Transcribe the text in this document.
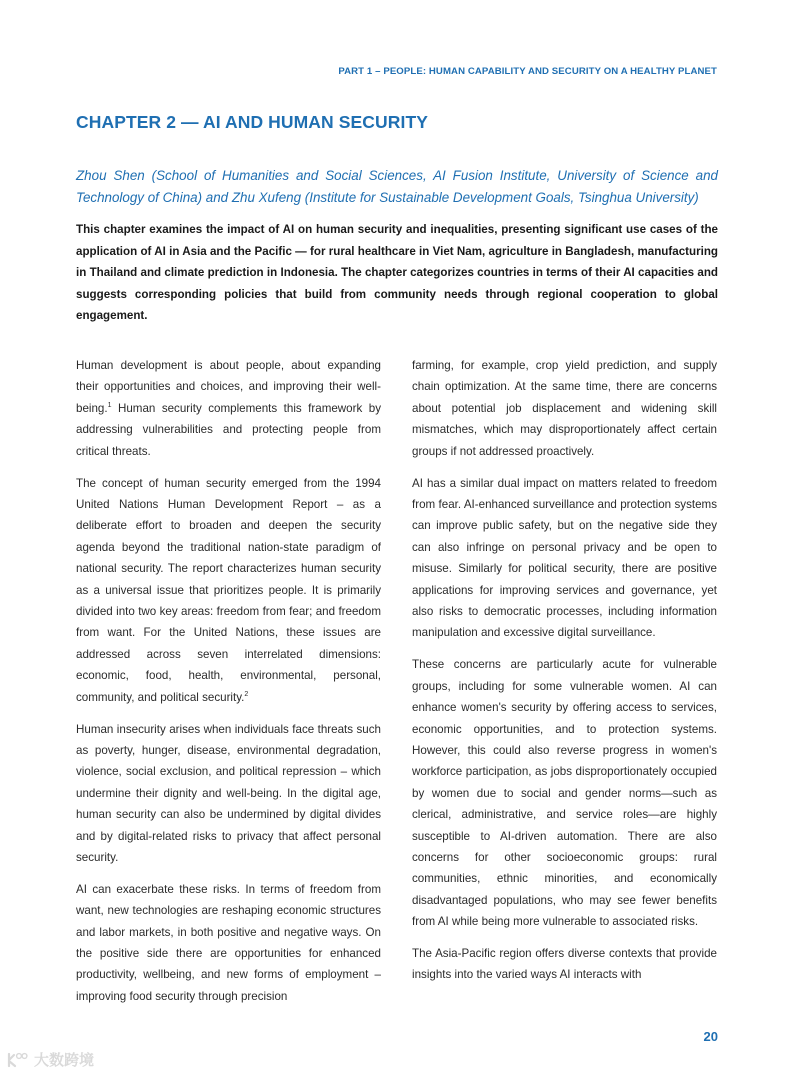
PART 1 – PEOPLE: HUMAN CAPABILITY AND SECURITY ON A HEALTHY PLANET
CHAPTER 2 — AI AND HUMAN SECURITY
Zhou Shen (School of Humanities and Social Sciences, AI Fusion Institute, University of Science and Technology of China) and Zhu Xufeng (Institute for Sustainable Development Goals, Tsinghua University)
This chapter examines the impact of AI on human security and inequalities, presenting significant use cases of the application of AI in Asia and the Pacific — for rural healthcare in Viet Nam, agriculture in Bangladesh, manufacturing in Thailand and climate prediction in Indonesia. The chapter categorizes countries in terms of their AI capacities and suggests corresponding policies that build from community needs through regional cooperation to global engagement.

Human development is about people, about expanding their opportunities and choices, and improving their well-being.$^1$ Human security complements this framework by addressing vulnerabilities and protecting people from critical threats.

The concept of human security emerged from the 1994 United Nations Human Development Report – as a deliberate effort to broaden and deepen the security agenda beyond the traditional nation-state paradigm of national security. The report characterizes human security as a universal issue that prioritizes people. It is primarily divided into two key areas: freedom from fear; and freedom from want. For the United Nations, these issues are addressed across seven interrelated dimensions: economic, food, health, environmental, personal, community, and political security.$^2$

Human insecurity arises when individuals face threats such as poverty, hunger, disease, environmental degradation, violence, social exclusion, and political repression – which undermine their dignity and well-being. In the digital age, human security can also be undermined by digital divides and by digital-related risks to privacy that affect personal security.

AI can exacerbate these risks. In terms of freedom from want, new technologies are reshaping economic structures and labor markets, in both positive and negative ways. On the positive side there are opportunities for enhanced productivity, wellbeing, and new forms of employment – improving food security through precision

farming, for example, crop yield prediction, and supply chain optimization. At the same time, there are concerns about potential job displacement and widening skill mismatches, which may disproportionately affect certain groups if not addressed proactively.

AI has a similar dual impact on matters related to freedom from fear. AI-enhanced surveillance and protection systems can improve public safety, but on the negative side they can also infringe on personal privacy and be open to misuse. Similarly for political security, there are positive applications for improving services and governance, yet also risks to democratic processes, including information manipulation and excessive digital surveillance.

These concerns are particularly acute for vulnerable groups, including for some vulnerable women. AI can enhance women's security by offering access to services, economic opportunities, and to protection systems. However, this could also reverse progress in women's workforce participation, as jobs disproportionately occupied by women due to social and gender norms—such as clerical, administrative, and service roles—are highly susceptible to AI-driven automation. There are also concerns for other socioeconomic groups: rural communities, ethnic minorities, and economically disadvantaged populations, who may see fewer benefits from AI while being more vulnerable to associated risks.

The Asia-Pacific region offers diverse contexts that provide insights into the varied ways AI interacts with

20
大数跨境
